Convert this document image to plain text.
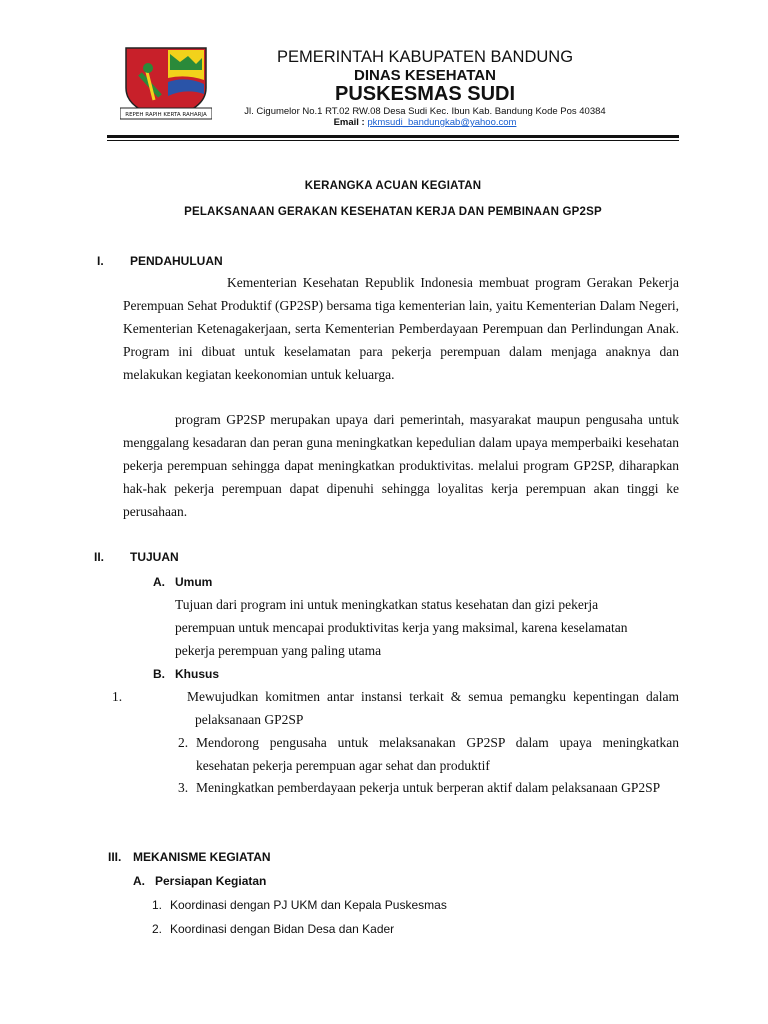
REPEH RAPIH KERTA RAHARJA
PEMERINTAH KABUPATEN BANDUNG
DINAS KESEHATAN
PUSKESMAS SUDI
Jl. Cigumelor No.1 RT.02 RW.08 Desa Sudi Kec. Ibun Kab. Bandung Kode Pos 40384
Email : pkmsudi_bandungkab@yahoo.com
KERANGKA ACUAN KEGIATAN
PELAKSANAAN GERAKAN KESEHATAN KERJA DAN PEMBINAAN GP2SP
I. PENDAHULUAN
Kementerian Kesehatan Republik Indonesia membuat program Gerakan Pekerja Perempuan Sehat Produktif (GP2SP) bersama tiga kementerian lain, yaitu Kementerian Dalam Negeri, Kementerian Ketenagakerjaan, serta Kementerian Pemberdayaan Perempuan dan Perlindungan Anak. Program ini dibuat untuk keselamatan para pekerja perempuan dalam menjaga anaknya dan melakukan kegiatan keekonomian untuk keluarga.
program GP2SP merupakan upaya dari pemerintah, masyarakat maupun pengusaha untuk menggalang kesadaran dan peran guna meningkatkan kepedulian dalam upaya memperbaiki kesehatan pekerja perempuan sehingga dapat meningkatkan produktivitas. melalui program GP2SP, diharapkan hak-hak pekerja perempuan dapat dipenuhi sehingga loyalitas kerja perempuan akan tinggi ke perusahaan.
II. TUJUAN
A. Umum
Tujuan dari program ini untuk meningkatkan status kesehatan dan gizi pekerja perempuan untuk mencapai produktivitas kerja yang maksimal, karena keselamatan pekerja perempuan yang paling utama
B. Khusus
1.	Mewujudkan komitmen antar instansi terkait & semua pemangku kepentingan dalam pelaksanaan GP2SP
2. Mendorong pengusaha untuk melaksanakan GP2SP dalam upaya meningkatkan kesehatan pekerja perempuan agar sehat dan produktif
3. Meningkatkan pemberdayaan pekerja untuk berperan aktif dalam pelaksanaan GP2SP
III. MEKANISME KEGIATAN
A. Persiapan Kegiatan
1. Koordinasi dengan PJ UKM dan Kepala Puskesmas
2. Koordinasi dengan Bidan Desa dan Kader
